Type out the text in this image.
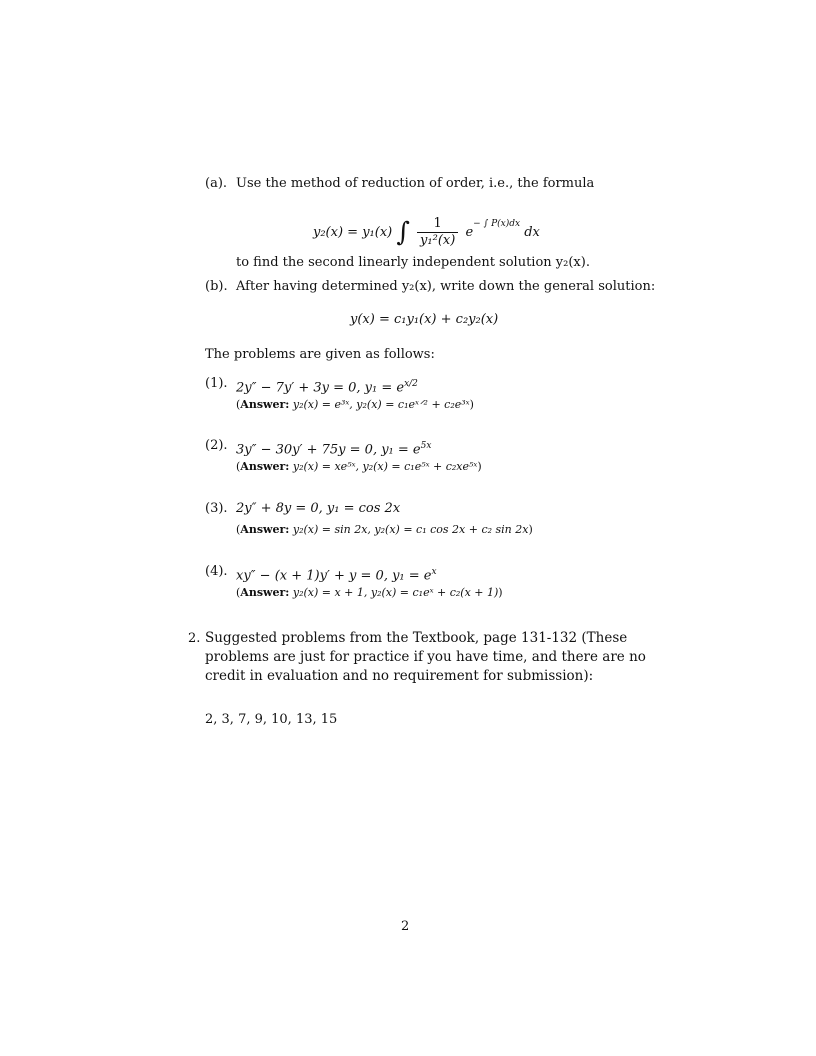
(a). Use the method of reduction of order, i.e., the formula
y₂(x) = y₁(x) ∫ $\frac{1}{\text{y₁²(x)}} e^{- \int P(x)dx}$ dx
to find the second linearly independent solution y₂(x).
(b). After having determined y₂(x), write down the general solution:
y(x) = c₁y₁(x) + c₂y₂(x)
The problems are given as follows:
(1). 2y″ − 7y′ + 3y = 0, $y_1 = e^{x/2}$
(Answer: y₂(x) = e³ˣ, y₂(x) = c₁eˣᐟ² + c₂e³ˣ)
(2). 3y″ − 30y′ + 75y = 0, $y_1 = e^{5x}$
(Answer: y₂(x) = xe⁵ˣ, y₂(x) = c₁e⁵ˣ + c₂xe⁵ˣ)
(3). 2y″ + 8y = 0, y₁ = cos 2x
(Answer: y₂(x) = sin 2x, y₂(x) = c₁ cos 2x + c₂ sin 2x)
(4). xy″ − (x + 1)y′ + y = 0, $y_1 = e^x$
(Answer: y₂(x) = x + 1, y₂(x) = c₁eˣ + c₂(x + 1))
2. Suggested problems from the Textbook, page 131-132 (These problems are just for practice if you have time, and there are no credit in evaluation and no requirement for submission):
2, 3, 7, 9, 10, 13, 15
2
